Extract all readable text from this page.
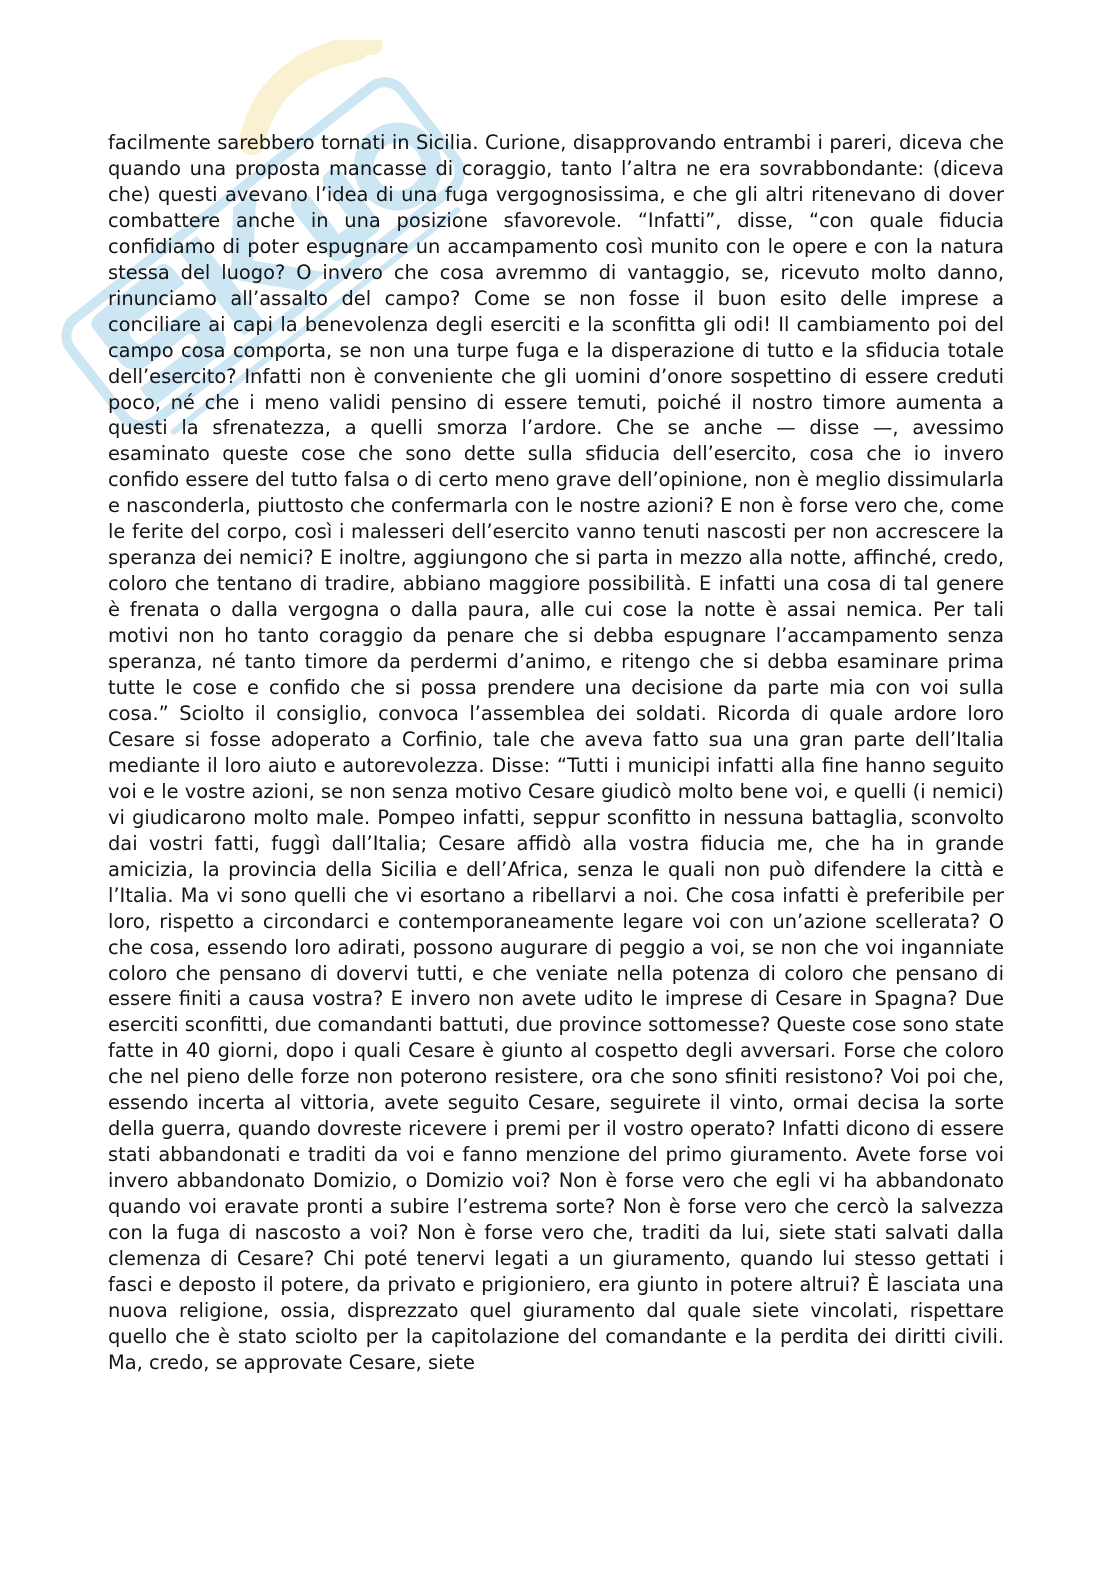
facilmente sarebbero tornati in Sicilia. Curione, disapprovando entrambi i pareri, diceva che quando una proposta mancasse di coraggio, tanto l’altra ne era sovrabbondante: (diceva che) questi avevano l’idea di una fuga vergognosissima, e che gli altri ritenevano di dover combattere anche in una posizione sfavorevole. “Infatti”, disse, “con quale fiducia confidiamo di poter espugnare un accampamento così munito con le opere e con la natura stessa del luogo? O invero che cosa avremmo di vantaggio, se, ricevuto molto danno, rinunciamo all’assalto del campo? Come se non fosse il buon esito delle imprese a conciliare ai capi la benevolenza degli eserciti e la sconfitta gli odi! Il cambiamento poi del campo cosa comporta, se non una turpe fuga e la disperazione di tutto e la sfiducia totale dell’esercito? Infatti non è conveniente che gli uomini d’onore sospettino di essere creduti poco, né che i meno validi pensino di essere temuti, poiché il nostro timore aumenta a questi la sfrenatezza, a quelli smorza l’ardore. Che se anche — disse —, avessimo esaminato queste cose che sono dette sulla sfiducia dell’esercito, cosa che io invero confido essere del tutto falsa o di certo meno grave dell’opinione, non è meglio dissimularla e nasconderla, piuttosto che confermarla con le nostre azioni? E non è forse vero che, come le ferite del corpo, così i malesseri dell’esercito vanno tenuti nascosti per non accrescere la speranza dei nemici? E inoltre, aggiungono che si parta in mezzo alla notte, affinché, credo, coloro che tentano di tradire, abbiano maggiore possibilità. E infatti una cosa di tal genere è frenata o dalla vergogna o dalla paura, alle cui cose la notte è assai nemica. Per tali motivi non ho tanto coraggio da penare che si debba espugnare l’accampamento senza speranza, né tanto timore da perdermi d’animo, e ritengo che si debba esaminare prima tutte le cose e confido che si possa prendere una decisione da parte mia con voi sulla cosa.” Sciolto il consiglio, convoca l’assemblea dei soldati. Ricorda di quale ardore loro Cesare si fosse adoperato a Corfinio, tale che aveva fatto sua una gran parte dell’Italia mediante il loro aiuto e autorevolezza. Disse: “Tutti i municipi infatti alla fine hanno seguito voi e le vostre azioni, se non senza motivo Cesare giudicò molto bene voi, e quelli (i nemici) vi giudicarono molto male. Pompeo infatti, seppur sconfitto in nessuna battaglia, sconvolto dai vostri fatti, fuggì dall’Italia; Cesare affidò alla vostra fiducia me, che ha in grande amicizia, la provincia della Sicilia e dell’Africa, senza le quali non può difendere la città e l’Italia. Ma vi sono quelli che vi esortano a ribellarvi a noi. Che cosa infatti è preferibile per loro, rispetto a circondarci e contemporaneamente legare voi con un’azione scellerata? O che cosa, essendo loro adirati, possono augurare di peggio a voi, se non che voi inganniate coloro che pensano di dovervi tutti, e che veniate nella potenza di coloro che pensano di essere finiti a causa vostra? E invero non avete udito le imprese di Cesare in Spagna? Due eserciti sconfitti, due comandanti battuti, due province sottomesse? Queste cose sono state fatte in 40 giorni, dopo i quali Cesare è giunto al cospetto degli avversari. Forse che coloro che nel pieno delle forze non poterono resistere, ora che sono sfiniti resistono? Voi poi che, essendo incerta al vittoria, avete seguito Cesare, seguirete il vinto, ormai decisa la sorte della guerra, quando dovreste ricevere i premi per il vostro operato? Infatti dicono di essere stati abbandonati e traditi da voi e fanno menzione del primo giuramento. Avete forse voi invero abbandonato Domizio, o Domizio voi? Non è forse vero che egli vi ha abbandonato quando voi eravate pronti a subire l’estrema sorte? Non è forse vero che cercò la salvezza con la fuga di nascosto a voi? Non è forse vero che, traditi da lui, siete stati salvati dalla clemenza di Cesare? Chi poté tenervi legati a un giuramento, quando lui stesso gettati i fasci e deposto il potere, da privato e prigioniero, era giunto in potere altrui? È lasciata una nuova religione, ossia, disprezzato quel giuramento dal quale siete vincolati, rispettare quello che è stato sciolto per la capitolazione del comandante e la perdita dei diritti civili. Ma, credo, se approvate Cesare, siete
